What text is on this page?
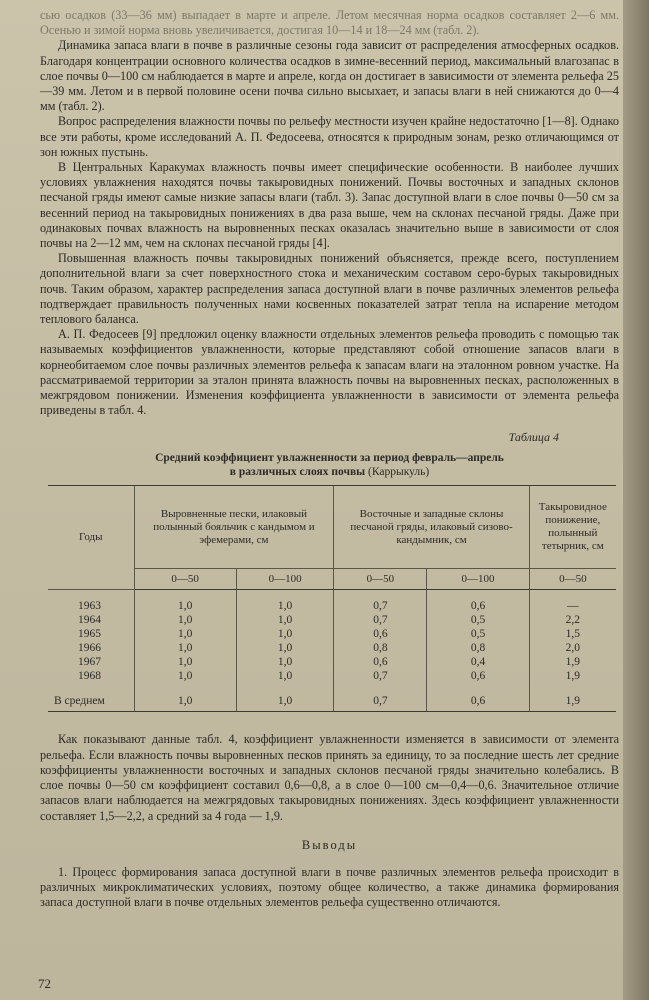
сью осадков (33—36 мм) выпадает в марте и апреле. Летом месячная норма осадков составляет 2—6 мм. Осенью и зимой норма вновь увеличивается, достигая 10—14 и 18—24 мм (табл. 2).

Динамика запаса влаги в почве в различные сезоны года зависит от распределения атмосферных осадков. Благодаря концентрации основного количества осадков в зимне-весенний период, максимальный влагозапас в слое почвы 0—100 см наблюдается в марте и апреле, когда он достигает в зависимости от элемента рельефа 25—39 мм. Летом и в первой половине осени почва сильно высыхает, и запасы влаги в ней снижаются до 0—4 мм (табл. 2).

Вопрос распределения влажности почвы по рельефу местности изучен крайне недостаточно [1—8]. Однако все эти работы, кроме исследований А. П. Федосеева, относятся к природным зонам, резко отличающимся от зон южных пустынь.

В Центральных Каракумах влажность почвы имеет специфические особенности. В наиболее лучших условиях увлажнения находятся почвы такыровидных понижений. Почвы восточных и западных склонов песчаной гряды имеют самые низкие запасы влаги (табл. 3). Запас доступной влаги в слое почвы 0—50 см за весенний период на такыровидных понижениях в два раза выше, чем на склонах песчаной гряды. Даже при одинаковых почвах влажность на выровненных песках оказалась значительно выше в зависимости от слоя почвы на 2—12 мм, чем на склонах песчаной гряды [4].

Повышенная влажность почвы такыровидных понижений объясняется, прежде всего, поступлением дополнительной влаги за счет поверхностного стока и механическим составом серо-бурых такыровидных почв. Таким образом, характер распределения запаса доступной влаги в почве различных элементов рельефа подтверждает правильность полученных нами косвенных показателей затрат тепла на испарение методом теплового баланса.

А. П. Федосеев [9] предложил оценку влажности отдельных элементов рельефа проводить с помощью так называемых коэффициентов увлажненности, которые представляют собой отношение запасов влаги в корнеобитаемом слое почвы различных элементов рельефа к запасам влаги на эталонном ровном участке. На рассматриваемой территории за эталон принята влажность почвы на выровненных песках, расположенных в межгрядовом понижении. Изменения коэффициента увлажненности в зависимости от элемента рельефа приведены в табл. 4.

Таблица 4
Средний коэффициент увлажненности за период февраль—апрель
в различных слоях почвы (Каррыкуль)
Годы	Выровненные пески, илаковый полынный бояльчик с кандымом и эфемерами, см		Восточные и западные склоны песчаной гряды, илаковый сизово-кандымник, см		Такыровидное понижение, полынный тетырник, см
	0—50	0—100	0—50	0—100	0—50
1963	1,0	1,0	0,7	0,6	—
1964	1,0	1,0	0,7	0,5	2,2
1965	1,0	1,0	0,6	0,5	1,5
1966	1,0	1,0	0,8	0,8	2,0
1967	1,0	1,0	0,6	0,4	1,9
1968	1,0	1,0	0,7	0,6	1,9
В среднем	1,0	1,0	0,7	0,6	1,9

Как показывают данные табл. 4, коэффициент увлажненности изменяется в зависимости от элемента рельефа. Если влажность почвы выровненных песков принять за единицу, то за последние шесть лет средние коэффициенты увлажненности восточных и западных склонов песчаной гряды значительно колебались. В слое почвы 0—50 см коэффициент составил 0,6—0,8, а в слое 0—100 см—0,4—0,6. Значительное отличие запасов влаги наблюдается на межгрядовых такыровидных понижениях. Здесь коэффициент увлажненности составляет 1,5—2,2, а средний за 4 года — 1,9.

Выводы

1. Процесс формирования запаса доступной влаги в почве различных элементов рельефа происходит в различных микроклиматических условиях, поэтому общее количество, а также динамика формирования запаса доступной влаги в почве отдельных элементов рельефа существенно отличаются.

72
